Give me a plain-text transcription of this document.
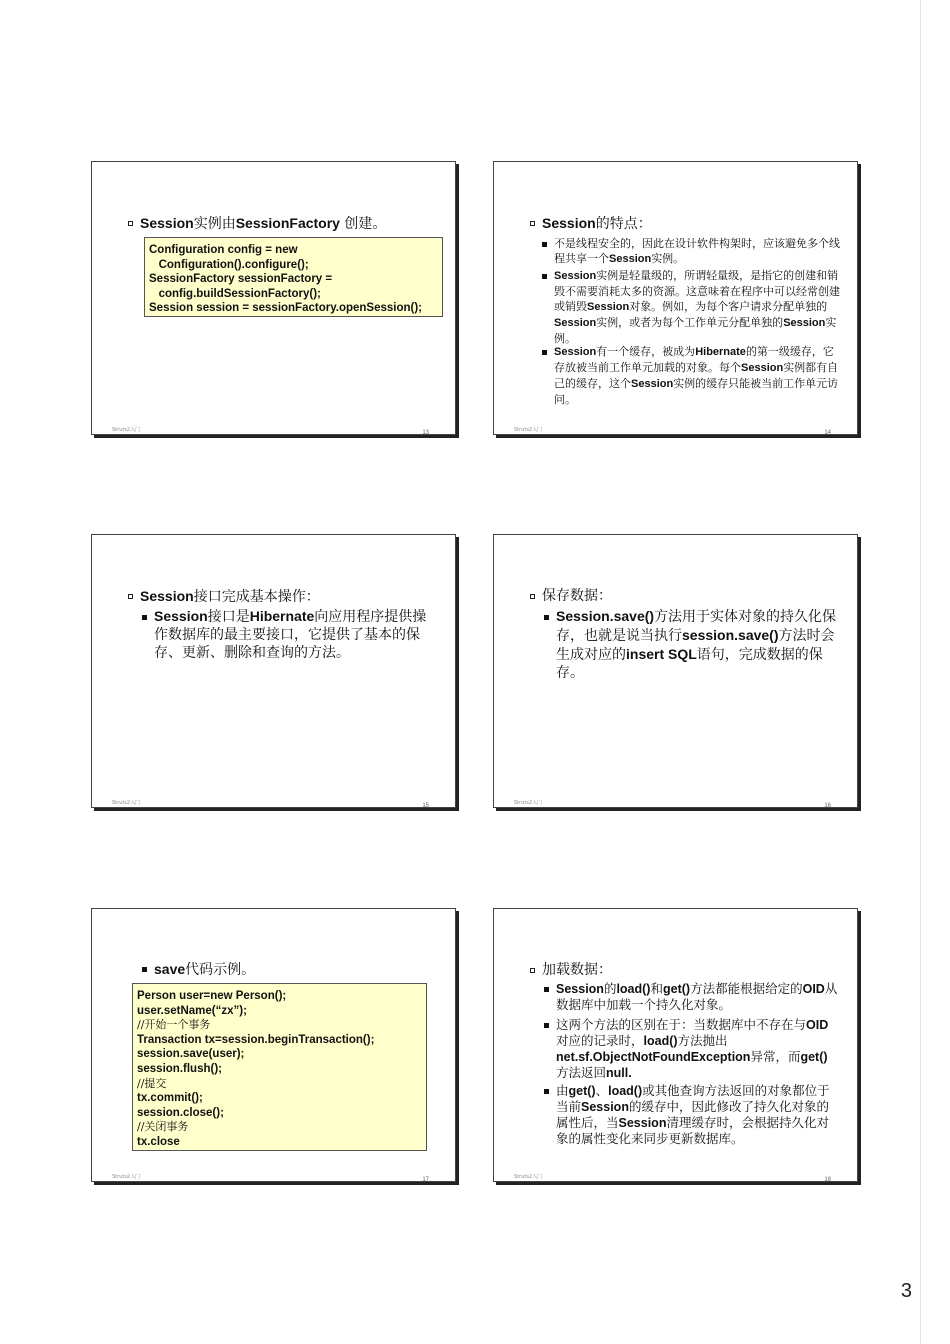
Session实例由SessionFactory 创建。
Configuration config = new
Configuration().configure();
SessionFactory sessionFactory =
config.buildSessionFactory();
Session session = sessionFactory.openSession();
Struts2入门	13
Session的特点：
不是线程安全的，因此在设计软件构架时，应该避免多个线程共享一个Session实例。
Session实例是轻量级的，所谓轻量级，是指它的创建和销毁不需要消耗太多的资源。这意味着在程序中可以经常创建或销毁Session对象。例如，为每个客户请求分配单独的Session实例，或者为每个工作单元分配单独的Session实例。
Session有一个缓存，被成为Hibernate的第一级缓存，它存放被当前工作单元加载的对象。每个Session实例都有自己的缓存，这个Session实例的缓存只能被当前工作单元访问。
Struts2入门	14
Session接口完成基本操作：
Session接口是Hibernate向应用程序提供操作数据库的最主要接口，它提供了基本的保存、更新、删除和查询的方法。
Struts2入门	15
保存数据：
Session.save()方法用于实体对象的持久化保存，也就是说当执行session.save()方法时会生成对应的insert SQL语句，完成数据的保存。
Struts2入门	16
save代码示例。
Person user=new Person();
user.setName(“zx”);
//开始一个事务
Transaction tx=session.beginTransaction();
session.save(user);
session.flush();
//提交
tx.commit();
session.close();
//关闭事务
tx.close
Struts2入门	17
加载数据：
Session的load()和get()方法都能根据给定的OID从数据库中加载一个持久化对象。
这两个方法的区别在于：当数据库中不存在与OID对应的记录时，load()方法抛出net.sf.ObjectNotFoundException异常，而get()方法返回null.
由get()、load()或其他查询方法返回的对象都位于当前Session的缓存中，因此修改了持久化对象的属性后，当Session清理缓存时，会根据持久化对象的属性变化来同步更新数据库。
Struts2入门	18
3
